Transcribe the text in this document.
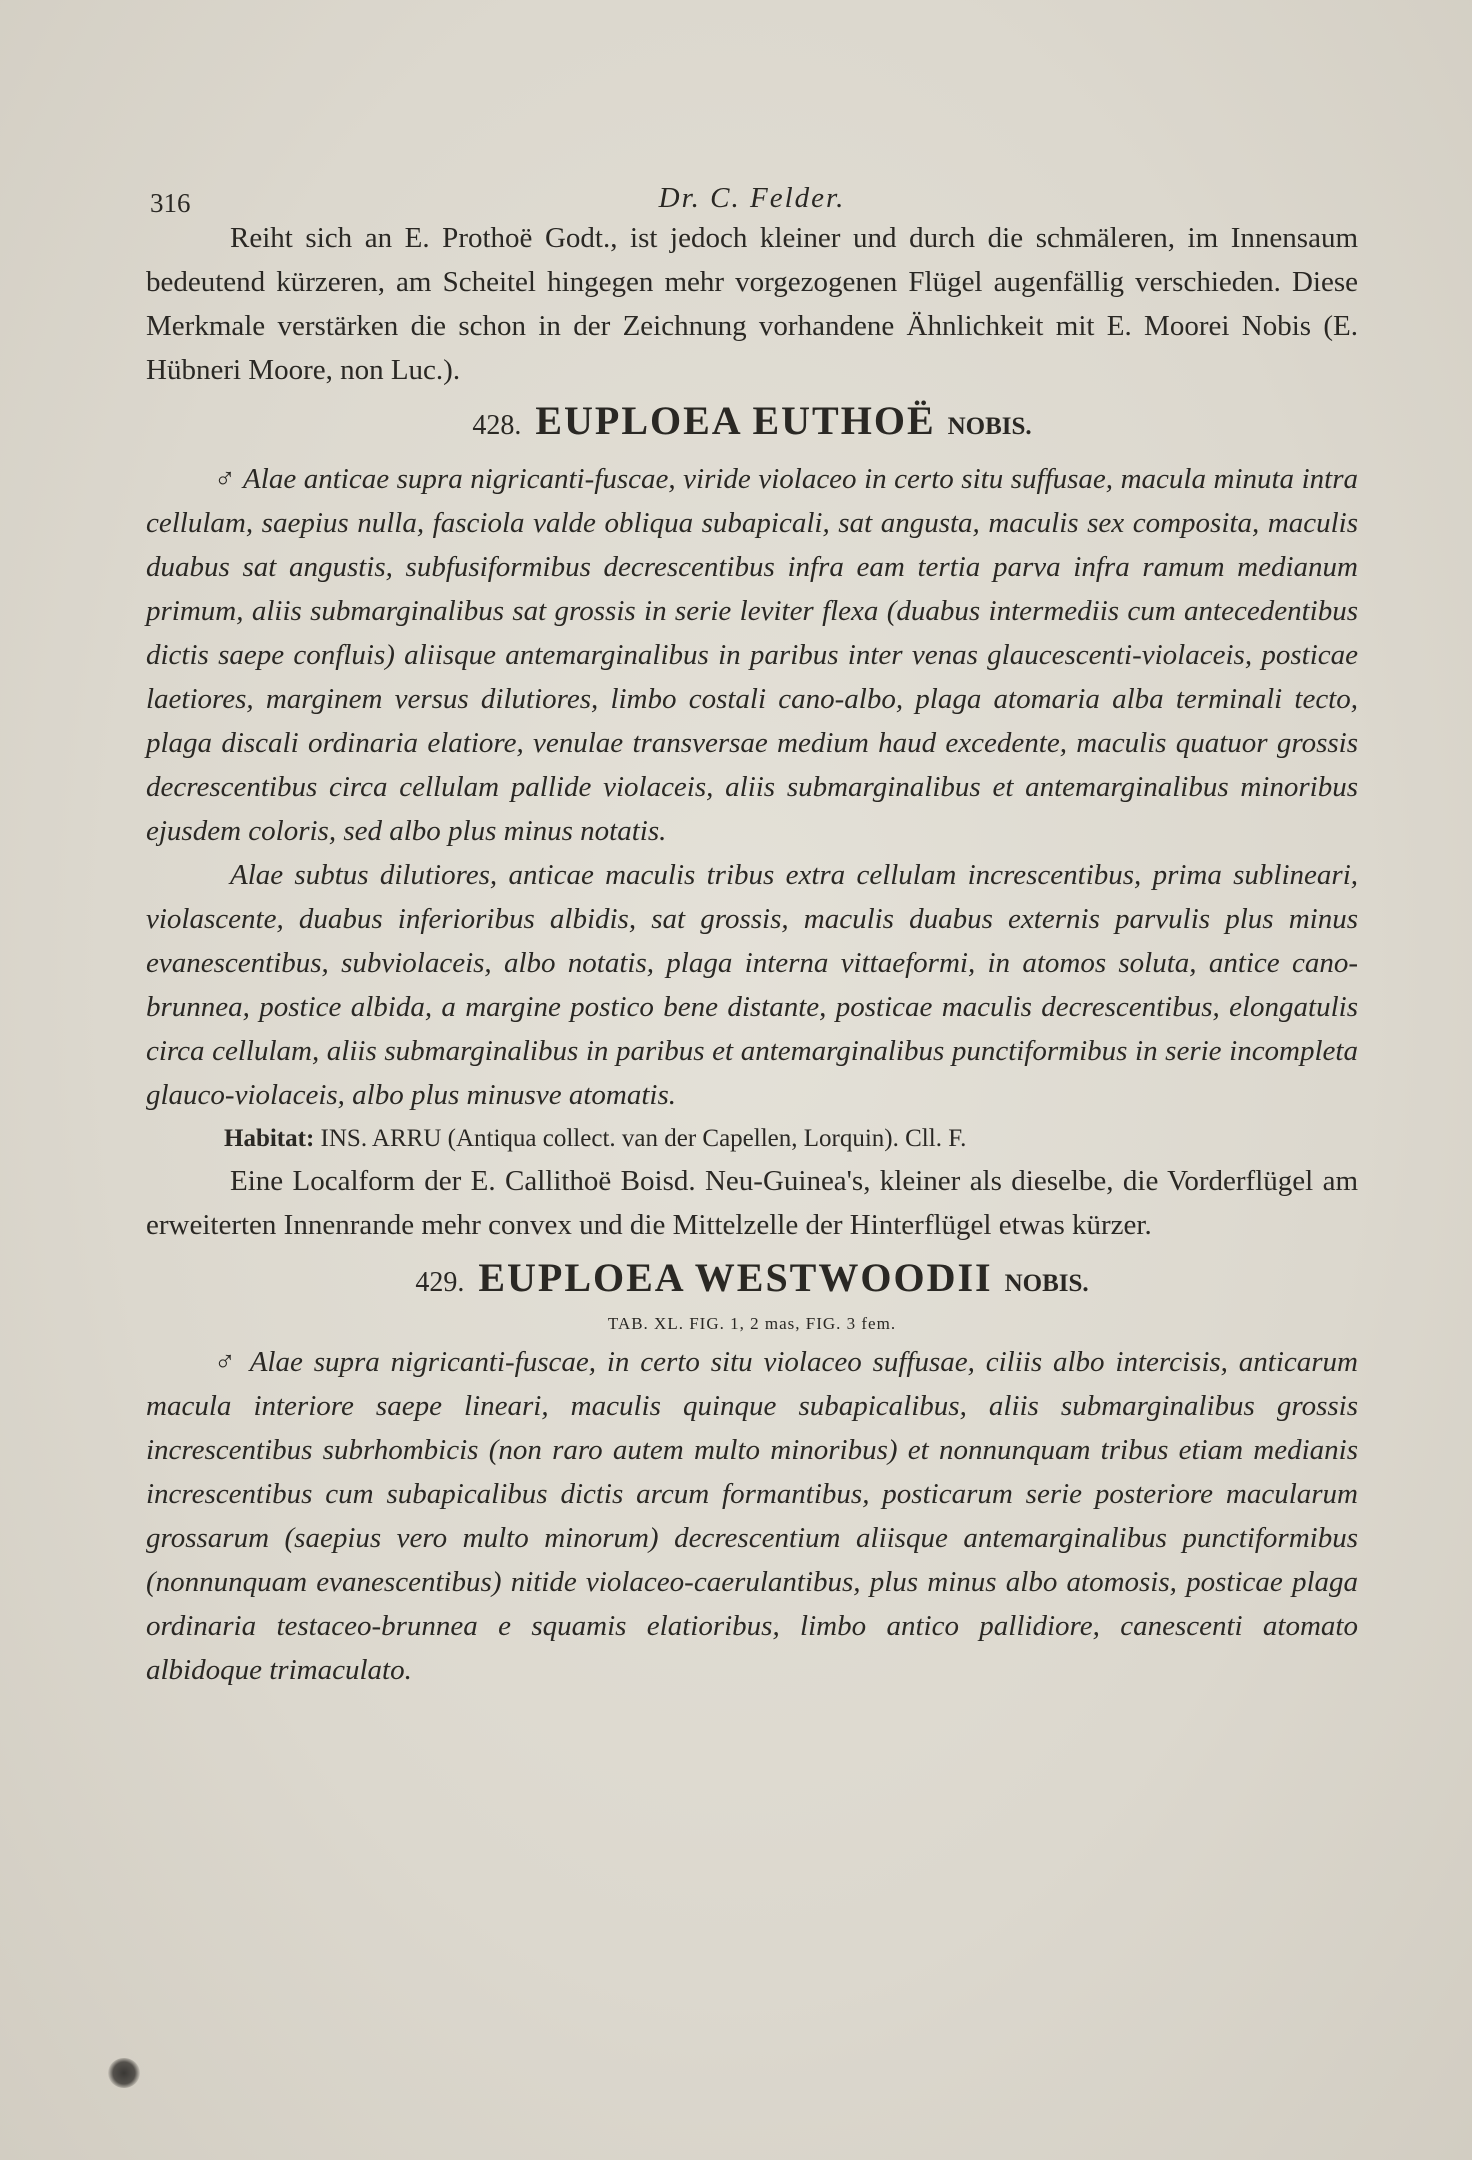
316	Dr. C. Felder.

Reiht sich an E. Prothoë Godt., ist jedoch kleiner und durch die schmäleren, im Innensaum bedeutend kürzeren, am Scheitel hingegen mehr vorgezogenen Flügel augenfällig verschieden. Diese Merkmale verstärken die schon in der Zeichnung vorhandene Ähnlichkeit mit E. Moorei Nobis (E. Hübneri Moore, non Luc.).

428. EUPLOEA EUTHOË NOBIS.

♂ Alae anticae supra nigricanti-fuscae, viride violaceo in certo situ suffusae, macula minuta intra cellulam, saepius nulla, fasciola valde obliqua subapicali, sat angusta, maculis sex composita, maculis duabus sat angustis, subfusiformibus decrescentibus infra eam tertia parva infra ramum medianum primum, aliis submarginalibus sat grossis in serie leviter flexa (duabus intermediis cum antecedentibus dictis saepe confluis) aliisque antemarginalibus in paribus inter venas glaucescenti-violaceis, posticae laetiores, marginem versus dilutiores, limbo costali cano-albo, plaga atomaria alba terminali tecto, plaga discali ordinaria elatiore, venulae transversae medium haud excedente, maculis quatuor grossis decrescentibus circa cellulam pallide violaceis, aliis submarginalibus et antemarginalibus minoribus ejusdem coloris, sed albo plus minus notatis.

Alae subtus dilutiores, anticae maculis tribus extra cellulam increscentibus, prima sublineari, violascente, duabus inferioribus albidis, sat grossis, maculis duabus externis parvulis plus minus evanescentibus, subviolaceis, albo notatis, plaga interna vittaeformi, in atomos soluta, antice cano-brunnea, postice albida, a margine postico bene distante, posticae maculis decrescentibus, elongatulis circa cellulam, aliis submarginalibus in paribus et antemarginalibus punctiformibus in serie incompleta glauco-violaceis, albo plus minusve atomatis.

Habitat: INS. ARRU (Antiqua collect. van der Capellen, Lorquin). Cll. F.

Eine Localform der E. Callithoë Boisd. Neu-Guinea's, kleiner als dieselbe, die Vorderflügel am erweiterten Innenrande mehr convex und die Mittelzelle der Hinterflügel etwas kürzer.

429. EUPLOEA WESTWOODII NOBIS.
TAB. XL. FIG. 1, 2 mas, FIG. 3 fem.

♂ Alae supra nigricanti-fuscae, in certo situ violaceo suffusae, ciliis albo intercisis, anticarum macula interiore saepe lineari, maculis quinque subapicalibus, aliis submarginalibus grossis increscentibus subrhombicis (non raro autem multo minoribus) et nonnunquam tribus etiam medianis increscentibus cum subapicalibus dictis arcum formantibus, posticarum serie posteriore macularum grossarum (saepius vero multo minorum) decrescentium aliisque antemarginalibus punctiformibus (nonnunquam evanescentibus) nitide violaceo-caerulantibus, plus minus albo atomosis, posticae plaga ordinaria testaceo-brunnea e squamis elatioribus, limbo antico pallidiore, canescenti atomato albidoque trimaculato.
